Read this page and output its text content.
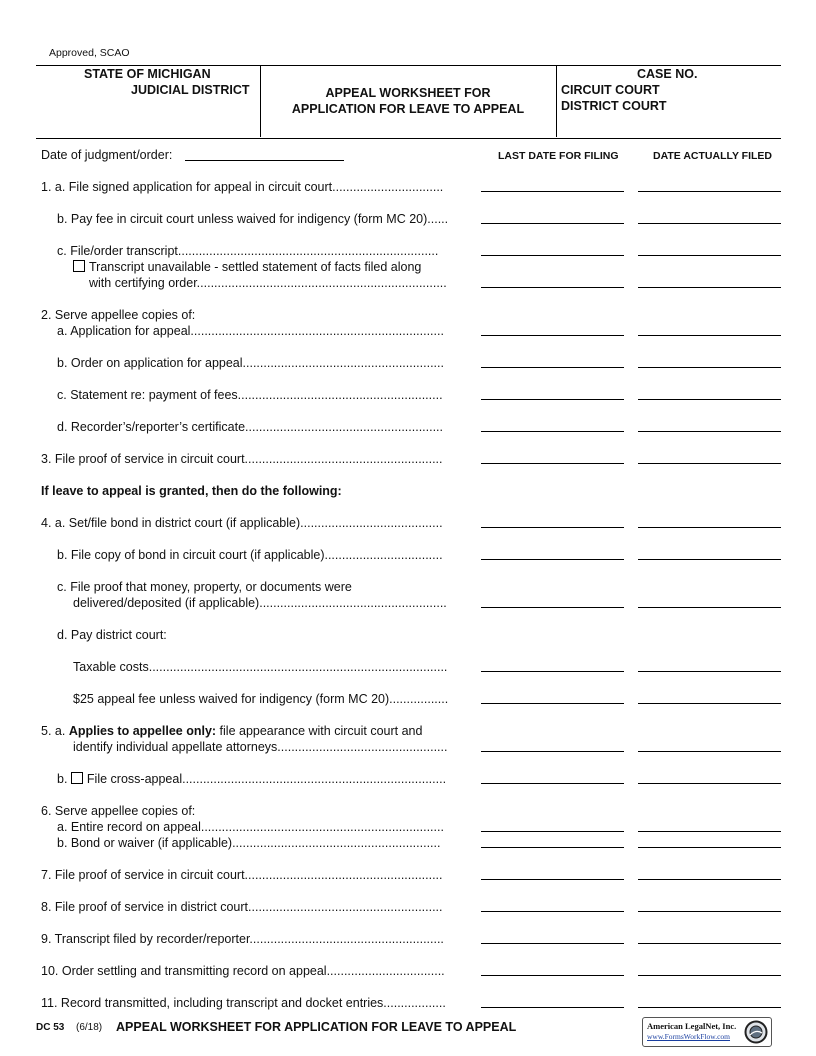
Approved, SCAO
STATE OF MICHIGAN
JUDICIAL DISTRICT	APPEAL WORKSHEET FOR
APPLICATION FOR LEAVE TO APPEAL
CASE NO.
CIRCUIT COURT
DISTRICT COURT
Date of judgment/order:	LAST DATE FOR FILING	DATE ACTUALLY FILED
1. a. File signed application for appeal in circuit court................................
b. Pay fee in circuit court unless waived for indigency (form MC 20)......
c. File/order transcript...........................................................................
Transcript unavailable - settled statement of facts filed along
with certifying order........................................................................
2. Serve appellee copies of:
a. Application for appeal.........................................................................
b. Order on application for appeal..........................................................
c. Statement re: payment of fees...........................................................
d. Recorder’s/reporter’s certificate.........................................................
3. File proof of service in circuit court.........................................................
If leave to appeal is granted, then do the following:
4. a. Set/file bond in district court (if applicable).........................................
b. File copy of bond in circuit court (if applicable)..................................
c. File proof that money, property, or documents were
delivered/deposited (if applicable)......................................................
d. Pay district court:
Taxable costs......................................................................................
$25 appeal fee unless waived for indigency (form MC 20).................
5. a. Applies to appellee only: file appearance with circuit court and
identify individual appellate attorneys.................................................
b. File cross-appeal............................................................................
6. Serve appellee copies of:
a. Entire record on appeal......................................................................
b. Bond or waiver (if applicable)............................................................
7. File proof of service in circuit court.........................................................
8. File proof of service in district court........................................................
9. Transcript filed by recorder/reporter........................................................
10. Order settling and transmitting record on appeal..................................
11. Record transmitted, including transcript and docket entries..................
DC 53 (6/18) APPEAL WORKSHEET FOR APPLICATION FOR LEAVE TO APPEAL	American LegalNet, Inc.
www.FormsWorkFlow.com
